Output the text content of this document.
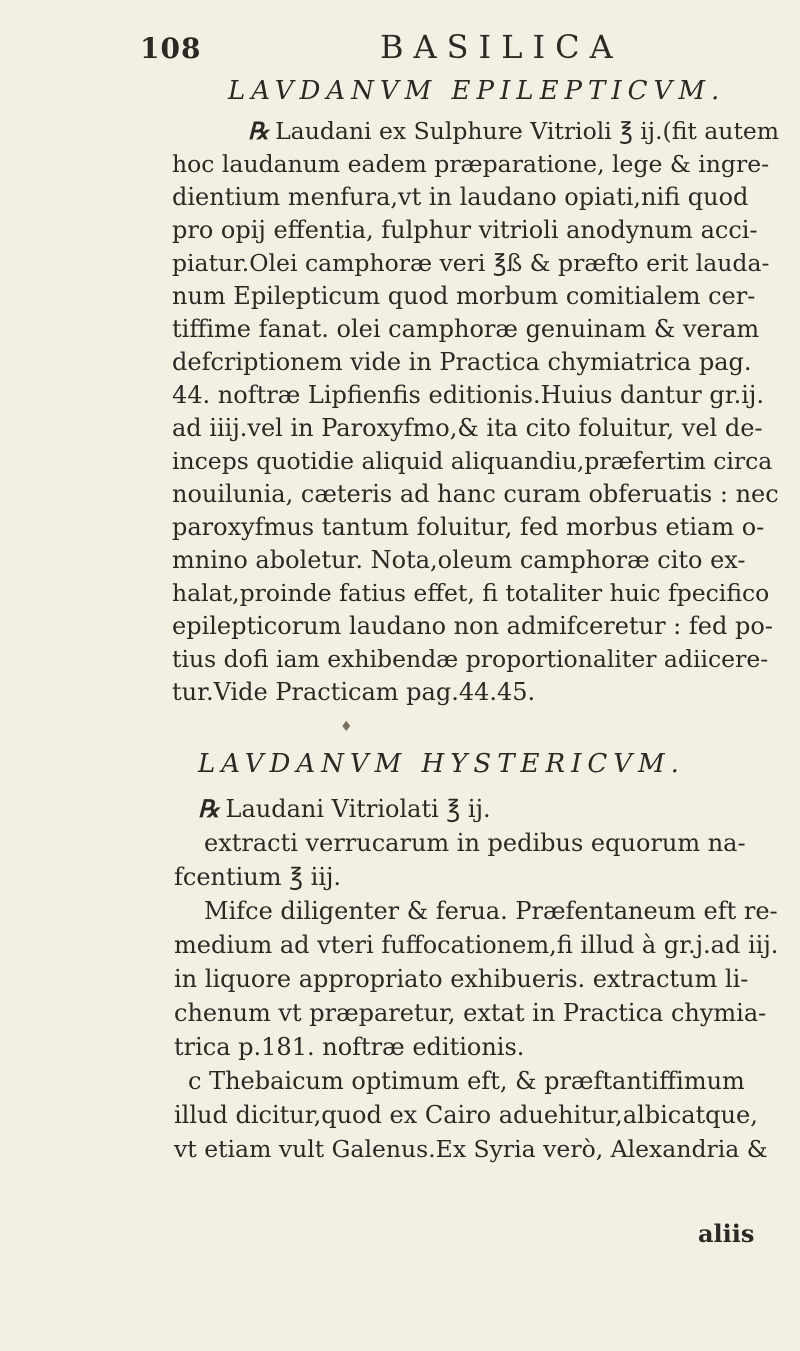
108	BASILICA
LAVDANVM EPILEPTICVM.
℞ Laudani ex Sulphure Vitrioli ℥ ij.(fit autem
hoc laudanum eadem præparatione, lege & ingre-
dientium menfura,vt in laudano opiati,nifi quod
pro opij effentia, fulphur vitrioli anodynum acci-
piatur.Olei camphoræ veri ℥ß & præfto erit lauda-
num Epilepticum quod morbum comitialem cer-
tiffime fanat. olei camphoræ genuinam & veram
defcriptionem vide in Practica chymiatrica pag.
44. noftræ Lipfienfis editionis.Huius dantur gr.ij.
ad iiij.vel in Paroxyfmo,& ita cito foluitur, vel de-
inceps quotidie aliquid aliquandiu,præfertim circa
nouilunia, cæteris ad hanc curam obferuatis : nec
paroxyfmus tantum foluitur, fed morbus etiam o-
mnino aboletur. Nota,oleum camphoræ cito ex-
halat,proinde fatius effet, fi totaliter huic fpecifico
epilepticorum laudano non admifceretur : fed po-
tius dofi iam exhibendæ proportionaliter adiicere-
tur.Vide Practicam pag.44.45.
♦
LAVDANVM HYSTERICVM.
℞ Laudani Vitriolati ℥ ij.
extracti verrucarum in pedibus equorum na-
fcentium ℥ iij.
Mifce diligenter & ferua. Præfentaneum eft re-
medium ad vteri fuffocationem,fi illud à gr.j.ad iij.
in liquore appropriato exhibueris. extractum li-
chenum vt præparetur, extat in Practica chymia-
trica p.181. noftræ editionis.
c Thebaicum optimum eft, & præftantiffimum
illud dicitur,quod ex Cairo aduehitur,albicatque,
vt etiam vult Galenus.Ex Syria verò, Alexandria &
aliis
